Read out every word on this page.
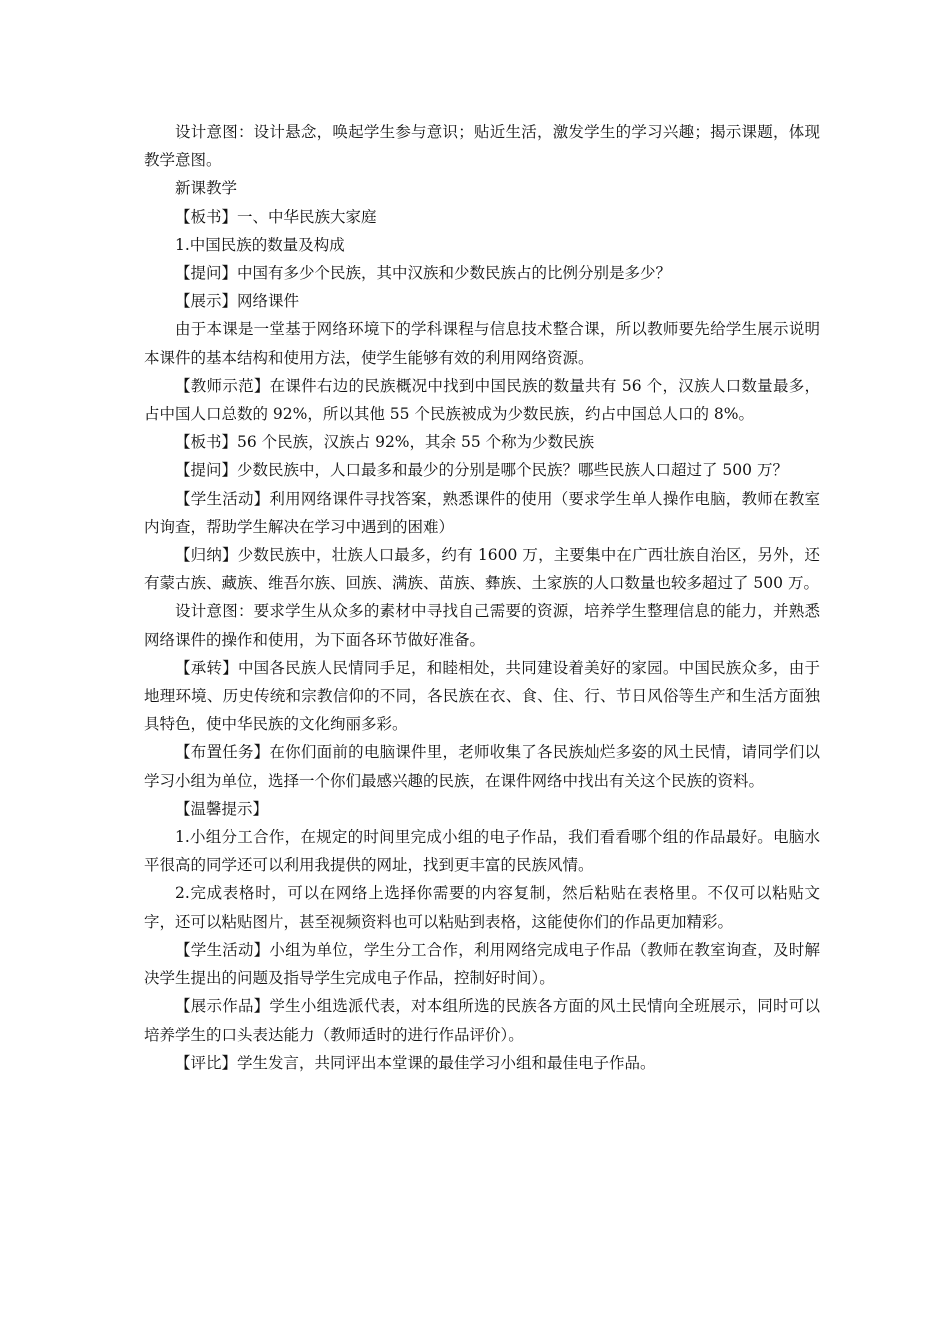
设计意图：设计悬念，唤起学生参与意识；贴近生活，激发学生的学习兴趣；揭示课题，体现教学意图。

新课教学

【板书】一、中华民族大家庭

1.中国民族的数量及构成

【提问】中国有多少个民族，其中汉族和少数民族占的比例分别是多少？

【展示】网络课件

由于本课是一堂基于网络环境下的学科课程与信息技术整合课，所以教师要先给学生展示说明本课件的基本结构和使用方法，使学生能够有效的利用网络资源。

【教师示范】在课件右边的民族概况中找到中国民族的数量共有 56 个，汉族人口数量最多，占中国人口总数的 92%，所以其他 55 个民族被成为少数民族，约占中国总人口的 8%。

【板书】56 个民族，汉族占 92%，其余 55 个称为少数民族

【提问】少数民族中，人口最多和最少的分别是哪个民族？哪些民族人口超过了 500 万？

【学生活动】利用网络课件寻找答案，熟悉课件的使用（要求学生单人操作电脑，教师在教室内询查，帮助学生解决在学习中遇到的困难）

【归纳】少数民族中，壮族人口最多，约有 1600 万，主要集中在广西壮族自治区，另外，还有蒙古族、藏族、维吾尔族、回族、满族、苗族、彝族、土家族的人口数量也较多超过了 500 万。

设计意图：要求学生从众多的素材中寻找自己需要的资源，培养学生整理信息的能力，并熟悉网络课件的操作和使用，为下面各环节做好准备。

【承转】中国各民族人民情同手足，和睦相处，共同建设着美好的家园。中国民族众多，由于地理环境、历史传统和宗教信仰的不同，各民族在衣、食、住、行、节日风俗等生产和生活方面独具特色，使中华民族的文化绚丽多彩。

【布置任务】在你们面前的电脑课件里，老师收集了各民族灿烂多姿的风土民情，请同学们以学习小组为单位，选择一个你们最感兴趣的民族，在课件网络中找出有关这个民族的资料。

【温馨提示】

1.小组分工合作，在规定的时间里完成小组的电子作品，我们看看哪个组的作品最好。电脑水平很高的同学还可以利用我提供的网址，找到更丰富的民族风情。

2.完成表格时，可以在网络上选择你需要的内容复制，然后粘贴在表格里。不仅可以粘贴文字，还可以粘贴图片，甚至视频资料也可以粘贴到表格，这能使你们的作品更加精彩。

【学生活动】小组为单位，学生分工合作，利用网络完成电子作品（教师在教室询查，及时解决学生提出的问题及指导学生完成电子作品，控制好时间）。

【展示作品】学生小组选派代表，对本组所选的民族各方面的风土民情向全班展示，同时可以培养学生的口头表达能力（教师适时的进行作品评价）。

【评比】学生发言，共同评出本堂课的最佳学习小组和最佳电子作品。
